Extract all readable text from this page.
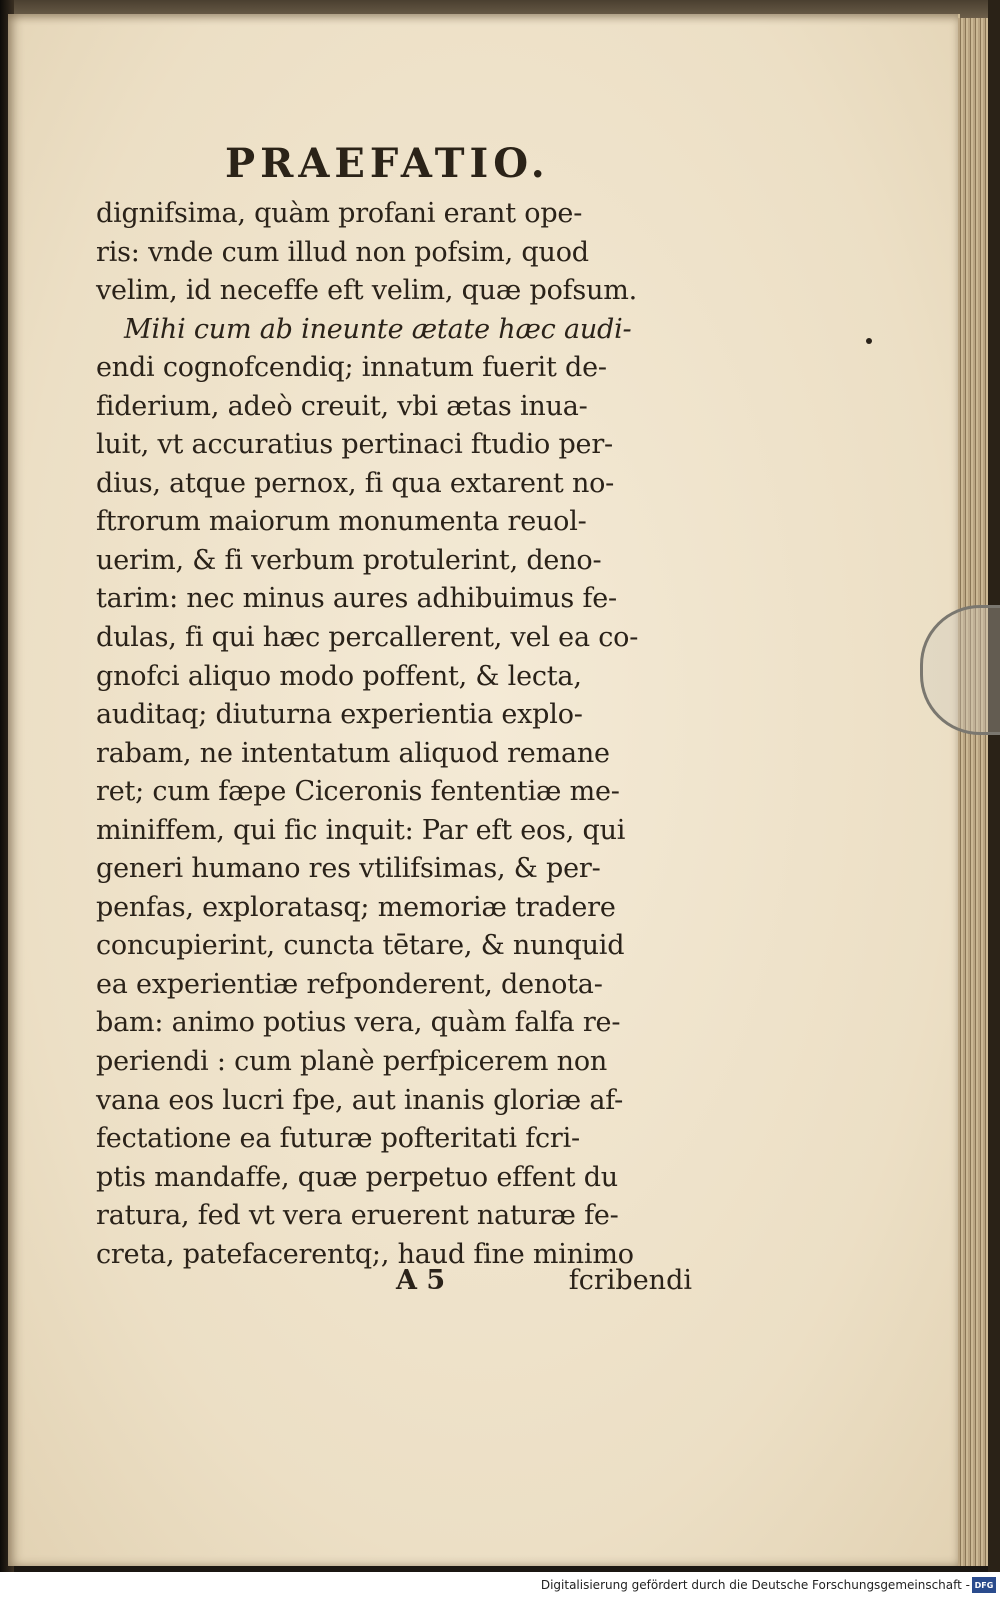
PRAEFATIO.
dignifsima, quàm profani erant ope-
ris: vnde cum illud non pofsim, quod
velim, id neceffe eft velim, quæ pofsum.
Mihi cum ab ineunte ætate hæc audi-
endi cognofcendiq; innatum fuerit de-
fiderium, adeò creuit, vbi ætas inua-
luit, vt accuratius pertinaci ftudio per-
dius, atque pernox, fi qua extarent no-
ftrorum maiorum monumenta reuol-
uerim, & fi verbum protulerint, deno-
tarim: nec minus aures adhibuimus fe-
dulas, fi qui hæc percallerent, vel ea co-
gnofci aliquo modo poffent, & lecta,
auditaq; diuturna experientia explo-
rabam, ne intentatum aliquod remane
ret; cum fæpe Ciceronis fententiæ me-
miniffem, qui fic inquit: Par eft eos, qui
generi humano res vtilifsimas, & per-
penfas, exploratasq; memoriæ tradere
concupierint, cuncta tētare, & nunquid
ea experientiæ refponderent, denota-
bam: animo potius vera, quàm falfa re-
periendi : cum planè perfpicerem non
vana eos lucri fpe, aut inanis gloriæ af-
fectatione ea futuræ pofteritati fcri-
ptis mandaffe, quæ perpetuo effent du
ratura, fed vt vera eruerent naturæ fe-
creta, patefacerentq;, haud fine minimo
A 5	fcribendi
Digitalisierung gefördert durch die Deutsche Forschungsgemeinschaft - DFG
